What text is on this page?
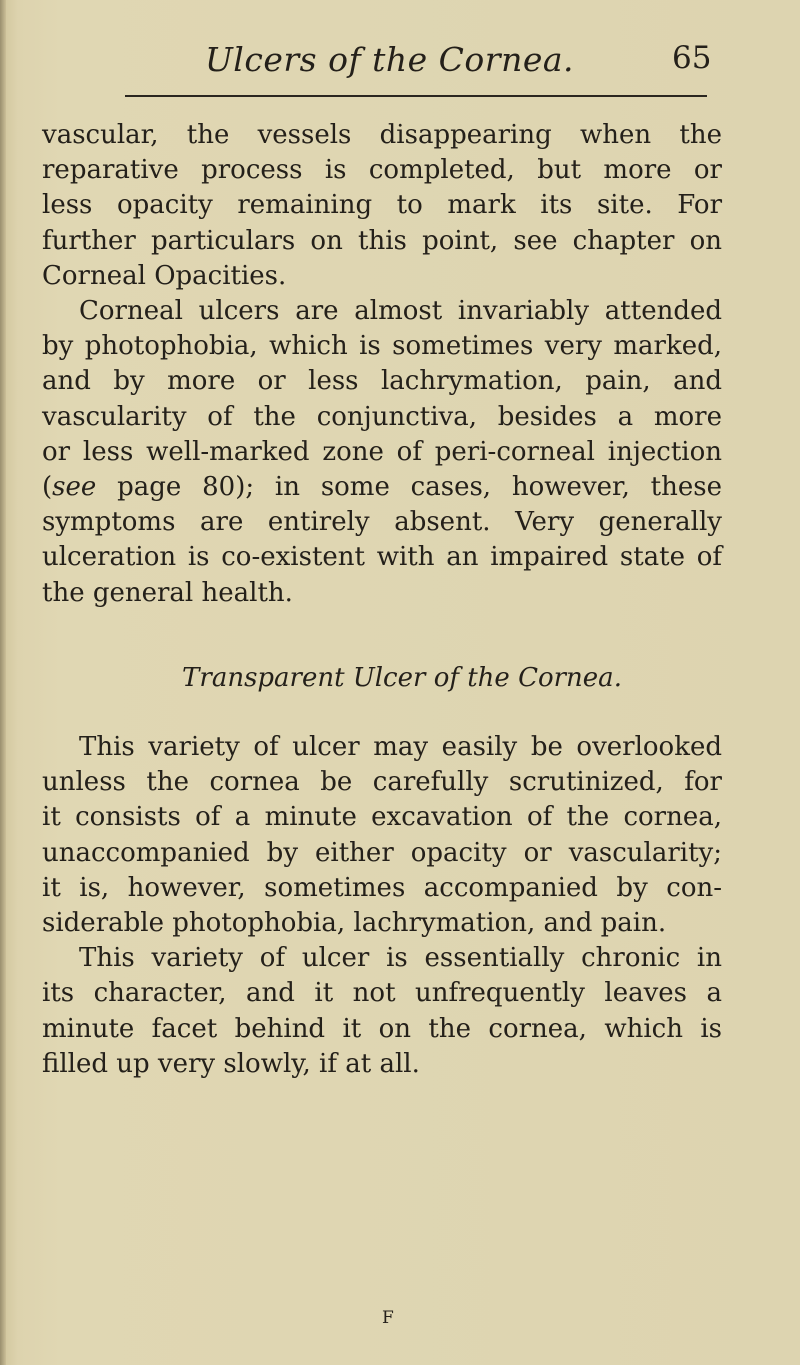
Ulcers of the Cornea.	65
vascular, the vessels disappearing when the
reparative process is completed, but more or
less opacity remaining to mark its site. For
further particulars on this point, see chapter on
Corneal Opacities.
Corneal ulcers are almost invariably attended
by photophobia, which is sometimes very marked,
and by more or less lachrymation, pain, and
vascularity of the conjunctiva, besides a more
or less well-marked zone of peri-corneal injection
(see page 80); in some cases, however, these
symptoms are entirely absent. Very generally
ulceration is co-existent with an impaired state of
the general health.
Transparent Ulcer of the Cornea.
This variety of ulcer may easily be overlooked
unless the cornea be carefully scrutinized, for
it consists of a minute excavation of the cornea,
unaccompanied by either opacity or vascularity;
it is, however, sometimes accompanied by con-
siderable photophobia, lachrymation, and pain.
This variety of ulcer is essentially chronic in
its character, and it not unfrequently leaves a
minute facet behind it on the cornea, which is
filled up very slowly, if at all.
F
